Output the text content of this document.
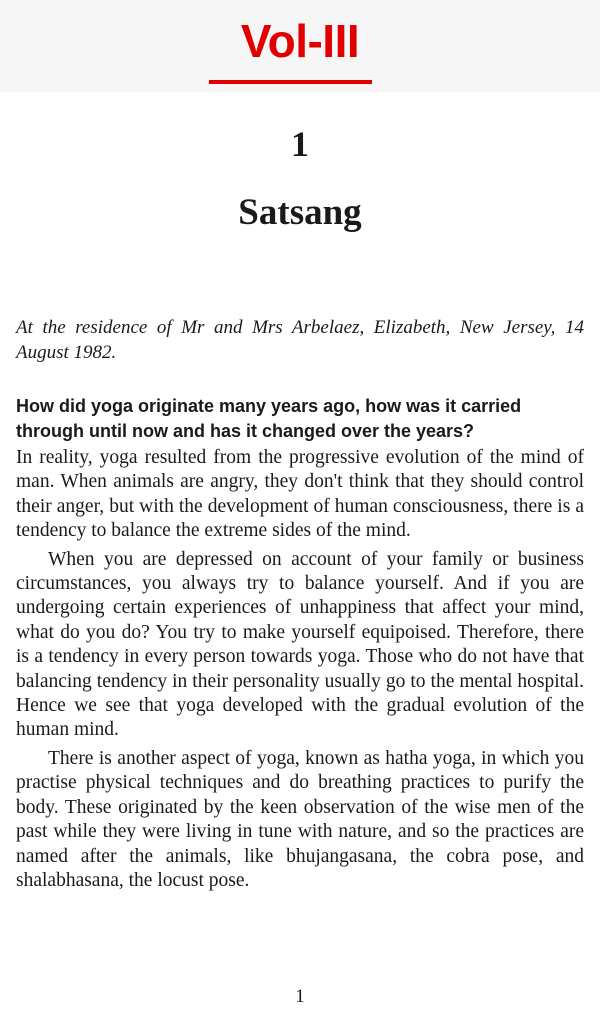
Vol-III
1
Satsang
At the residence of Mr and Mrs Arbelaez, Elizabeth, New Jersey, 14 August 1982.
How did yoga originate many years ago, how was it carried through until now and has it changed over the years?

In reality, yoga resulted from the progressive evolution of the mind of man. When animals are angry, they don't think that they should control their anger, but with the development of human consciousness, there is a tendency to balance the extreme sides of the mind.

When you are depressed on account of your family or business circumstances, you always try to balance yourself. And if you are undergoing certain experiences of unhappiness that affect your mind, what do you do? You try to make yourself equipoised. Therefore, there is a tendency in every person towards yoga. Those who do not have that balancing tendency in their personality usually go to the mental hospital. Hence we see that yoga developed with the gradual evolution of the human mind.

There is another aspect of yoga, known as hatha yoga, in which you practise physical techniques and do breathing practices to purify the body. These originated by the keen observation of the wise men of the past while they were living in tune with nature, and so the practices are named after the animals, like bhujangasana, the cobra pose, and shalabhasana, the locust pose.

1
